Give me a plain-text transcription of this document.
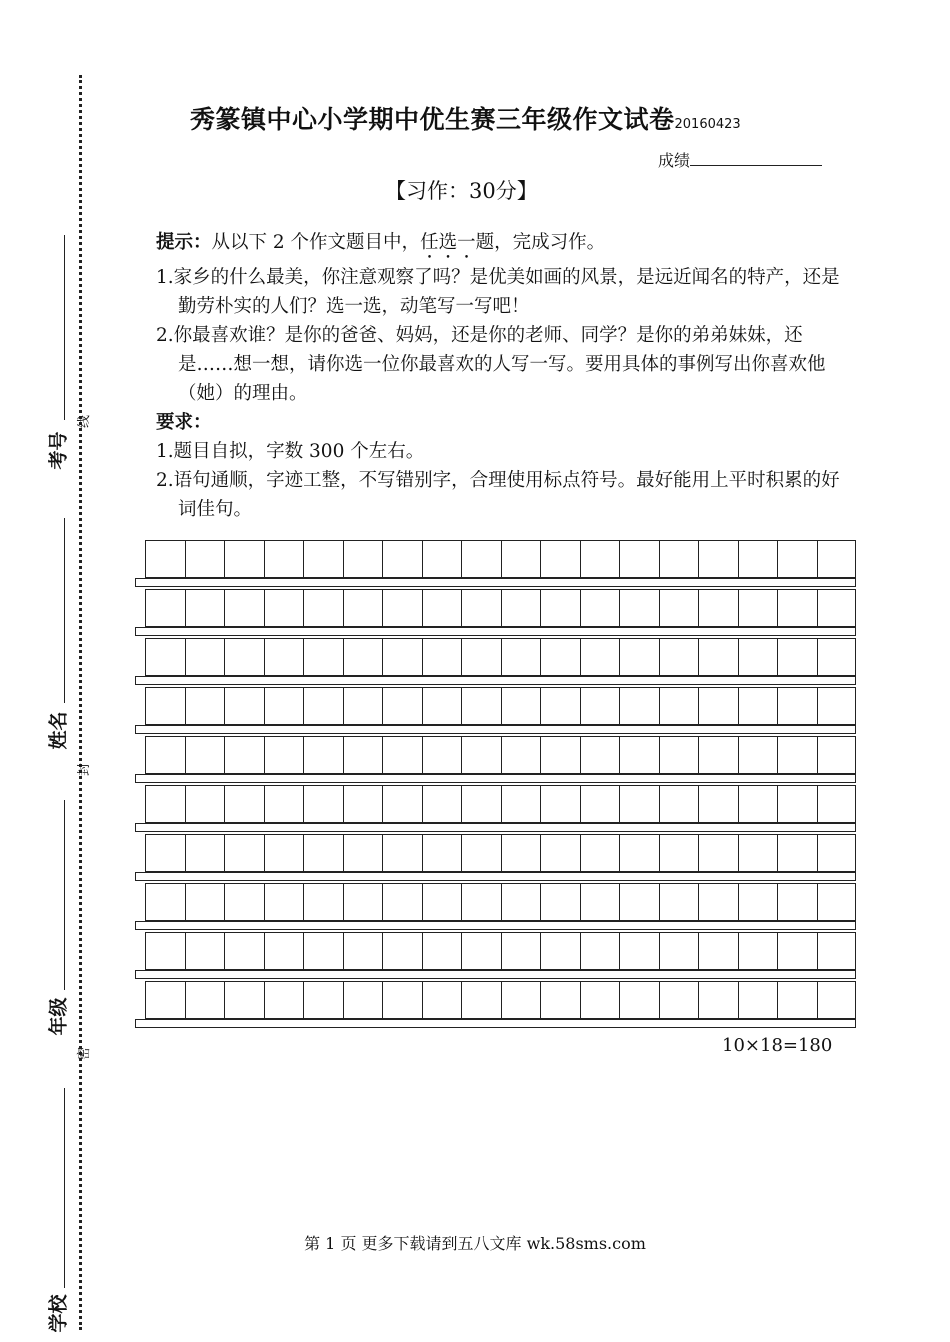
考号
姓名
年级
学校
线
封
密
秀篆镇中心小学期中优生赛三年级作文试卷20160423
成绩
【习作：30分】

提示：从以下 2 个作文题目中，任选一题，完成习作。

1.家乡的什么最美，你注意观察了吗？是优美如画的风景，是远近闻名的特产，还是勤劳朴实的人们？选一选，动笔写一写吧！

2.你最喜欢谁？是你的爸爸、妈妈，还是你的老师、同学？是你的弟弟妹妹，还是……想一想，请你选一位你最喜欢的人写一写。要用具体的事例写出你喜欢他（她）的理由。

要求：

1.题目自拟，字数 300 个左右。

2.语句通顺，字迹工整，不写错别字，合理使用标点符号。最好能用上平时积累的好词佳句。

10×18=180
第 1 页 更多下载请到五八文库 wk.58sms.com
